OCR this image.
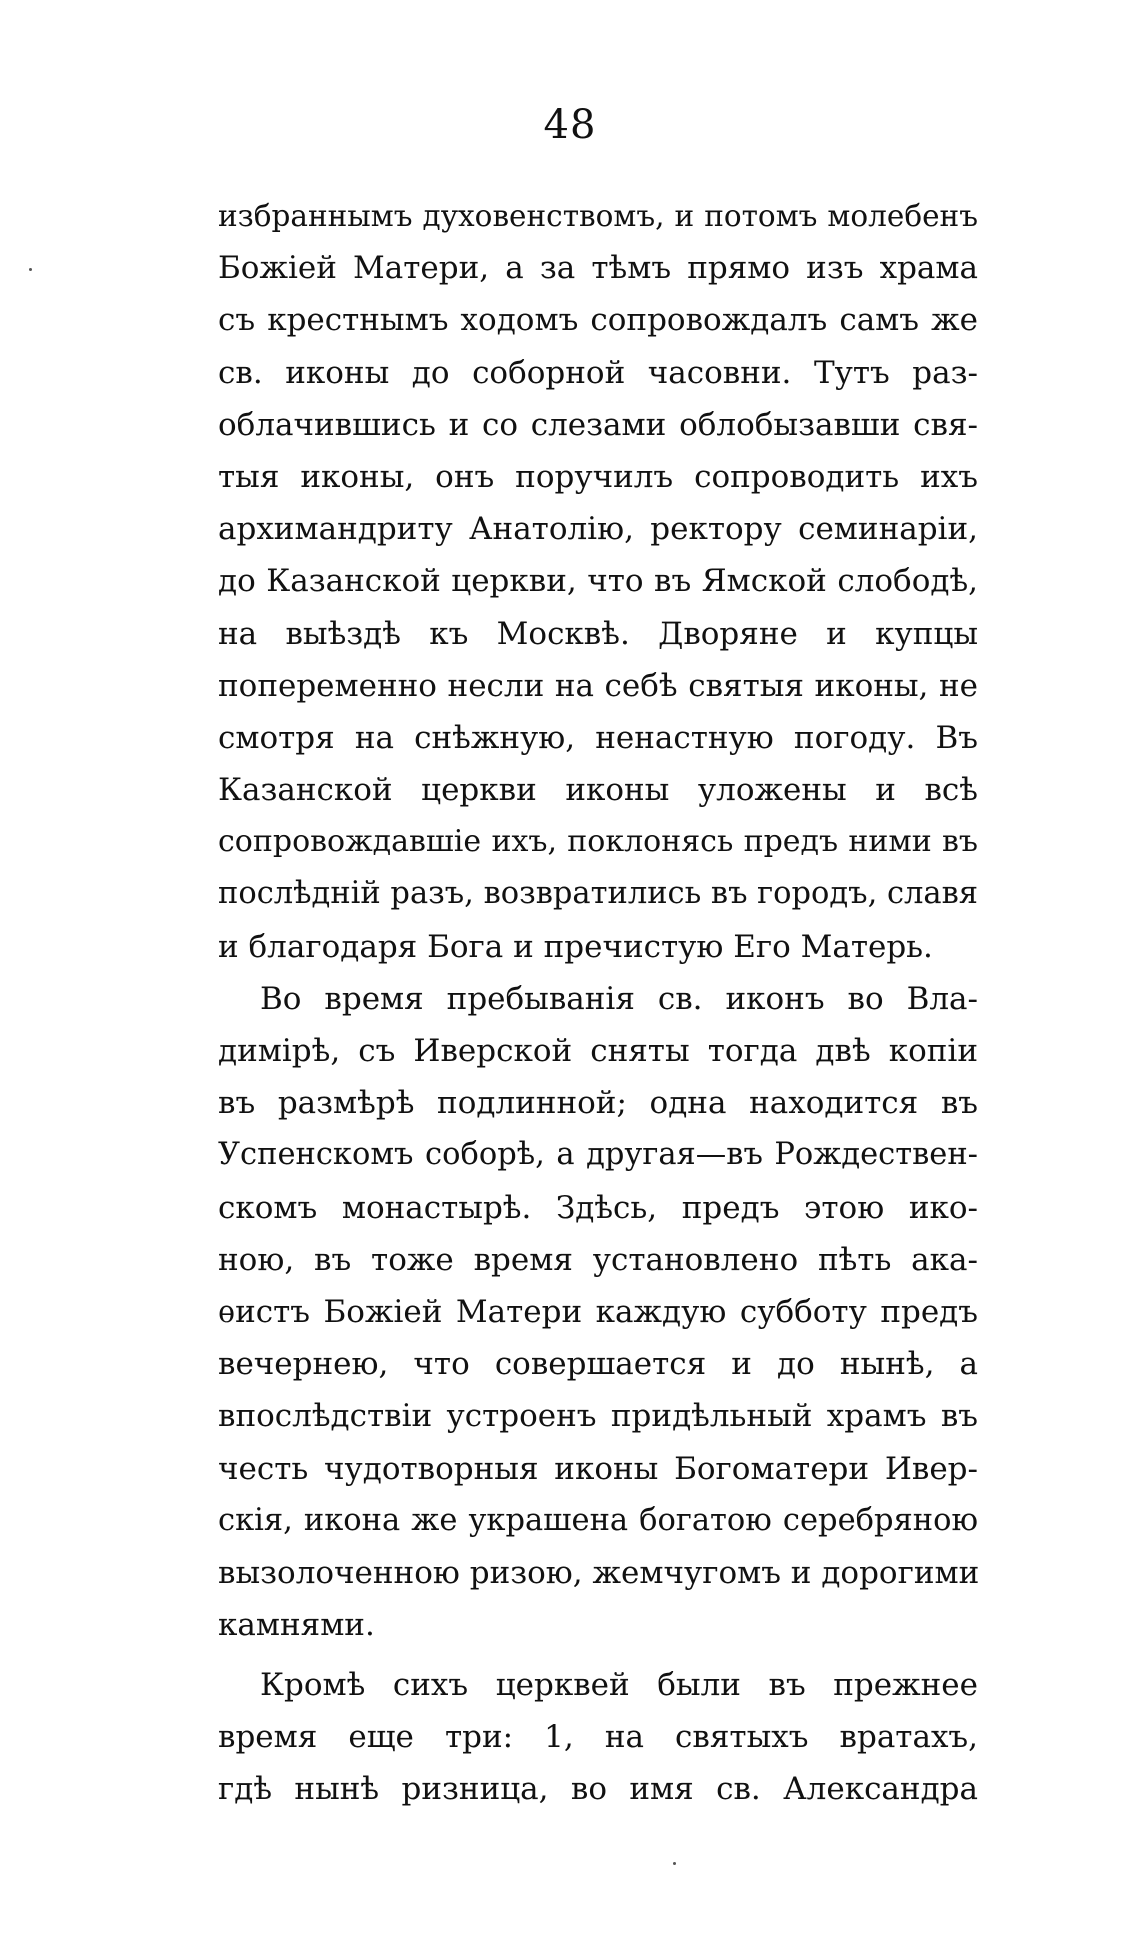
48
избраннымъ духовенствомъ, и потомъ молебенъ
Божiей Матери, а за тѣмъ прямо изъ храма
съ крестнымъ ходомъ сопровождалъ самъ же
св. иконы до соборной часовни. Тутъ раз-
облачившись и со слезами облобызавши свя-
тыя иконы, онъ поручилъ сопроводить ихъ
архимандриту Анатолiю, ректору семинарiи,
до Казанской церкви, что въ Ямской слободѣ,
на выѣздѣ къ Москвѣ. Дворяне и купцы
попеременно несли на себѣ святыя иконы, не
смотря на снѣжную, ненастную погоду. Въ
Казанской церкви иконы уложены и всѣ
сопровождавшiе ихъ, поклонясь предъ ними въ
послѣднiй разъ, возвратились въ городъ, славя
и благодаря Бога и пречистую Его Матерь.
Во время пребыванiя св. иконъ во Вла-
димiрѣ, съ Иверской сняты тогда двѣ копiи
въ размѣрѣ подлинной; одна находится въ
Успенскомъ соборѣ, а другая—въ Рождествен-
скомъ монастырѣ. Здѣсь, предъ этою ико-
ною, въ тоже время установлено пѣть ака-
ѳистъ Божiей Матери каждую субботу предъ
вечернею, что совершается и до нынѣ, а
впослѣдствiи устроенъ придѣльный храмъ въ
честь чудотворныя иконы Богоматери Ивер-
скiя, икона же украшена богатою серебряною
вызолоченною ризою, жемчугомъ и дорогими
камнями.
Кромѣ сихъ церквей были въ прежнее
время еще три: 1, на святыхъ вратахъ,
гдѣ нынѣ ризница, во имя св. Александра
